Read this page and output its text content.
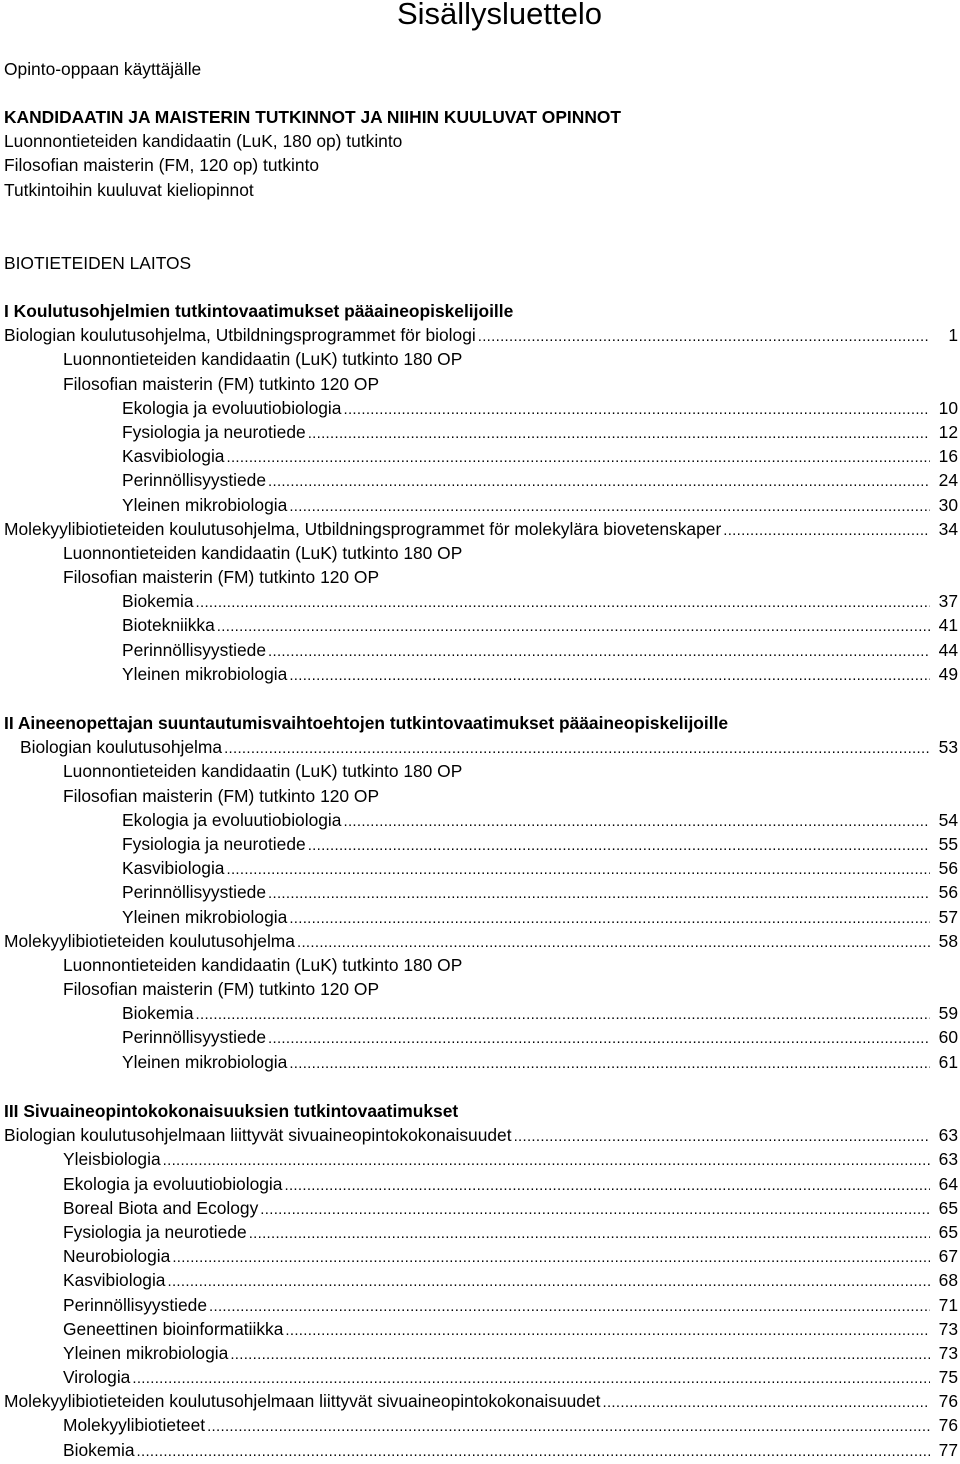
Sisällysluettelo
Opinto-oppaan käyttäjälle
KANDIDAATIN JA MAISTERIN TUTKINNOT JA NIIHIN KUULUVAT OPINNOT
Luonnontieteiden kandidaatin (LuK, 180 op) tutkinto
Filosofian maisterin (FM, 120 op) tutkinto
Tutkintoihin kuuluvat kieliopinnot
BIOTIETEIDEN LAITOS
I Koulutusohjelmien tutkintovaatimukset pääaineopiskelijoille
Biologian koulutusohjelma, Utbildningsprogrammet för biologi .....	1
Luonnontieteiden kandidaatin (LuK) tutkinto 180 OP
Filosofian maisterin (FM) tutkinto 120 OP
Ekologia ja evoluutiobiologia .....	10
Fysiologia ja neurotiede .....	12
Kasvibiologia .....	16
Perinnöllisyystiede .....	24
Yleinen mikrobiologia .....	30
Molekyylibiotieteiden koulutusohjelma, Utbildningsprogrammet för molekylära biovetenskaper .....	34
Luonnontieteiden kandidaatin (LuK) tutkinto 180 OP
Filosofian maisterin (FM) tutkinto 120 OP
Biokemia .....	37
Biotekniikka .....	41
Perinnöllisyystiede .....	44
Yleinen mikrobiologia .....	49
II Aineenopettajan suuntautumisvaihtoehtojen tutkintovaatimukset pääaineopiskelijoille
Biologian koulutusohjelma .....	53
Luonnontieteiden kandidaatin (LuK) tutkinto 180 OP
Filosofian maisterin (FM) tutkinto 120 OP
Ekologia ja evoluutiobiologia .....	54
Fysiologia ja neurotiede .....	55
Kasvibiologia .....	56
Perinnöllisyystiede .....	56
Yleinen mikrobiologia .....	57
Molekyylibiotieteiden koulutusohjelma .....	58
Luonnontieteiden kandidaatin (LuK) tutkinto 180 OP
Filosofian maisterin (FM) tutkinto 120 OP
Biokemia .....	59
Perinnöllisyystiede .....	60
Yleinen mikrobiologia .....	61
III Sivuaineopintokokonaisuuksien tutkintovaatimukset
Biologian koulutusohjelmaan liittyvät sivuaineopintokokonaisuudet .....	63
Yleisbiologia .....	63
Ekologia ja evoluutiobiologia .....	64
Boreal Biota and Ecology .....	65
Fysiologia ja neurotiede .....	65
Neurobiologia .....	67
Kasvibiologia .....	68
Perinnöllisyystiede .....	71
Geneettinen bioinformatiikka .....	73
Yleinen mikrobiologia .....	73
Virologia .....	75
Molekyylibiotieteiden koulutusohjelmaan liittyvät sivuaineopintokokonaisuudet .....	76
Molekyylibiotieteet .....	76
Biokemia .....	77
